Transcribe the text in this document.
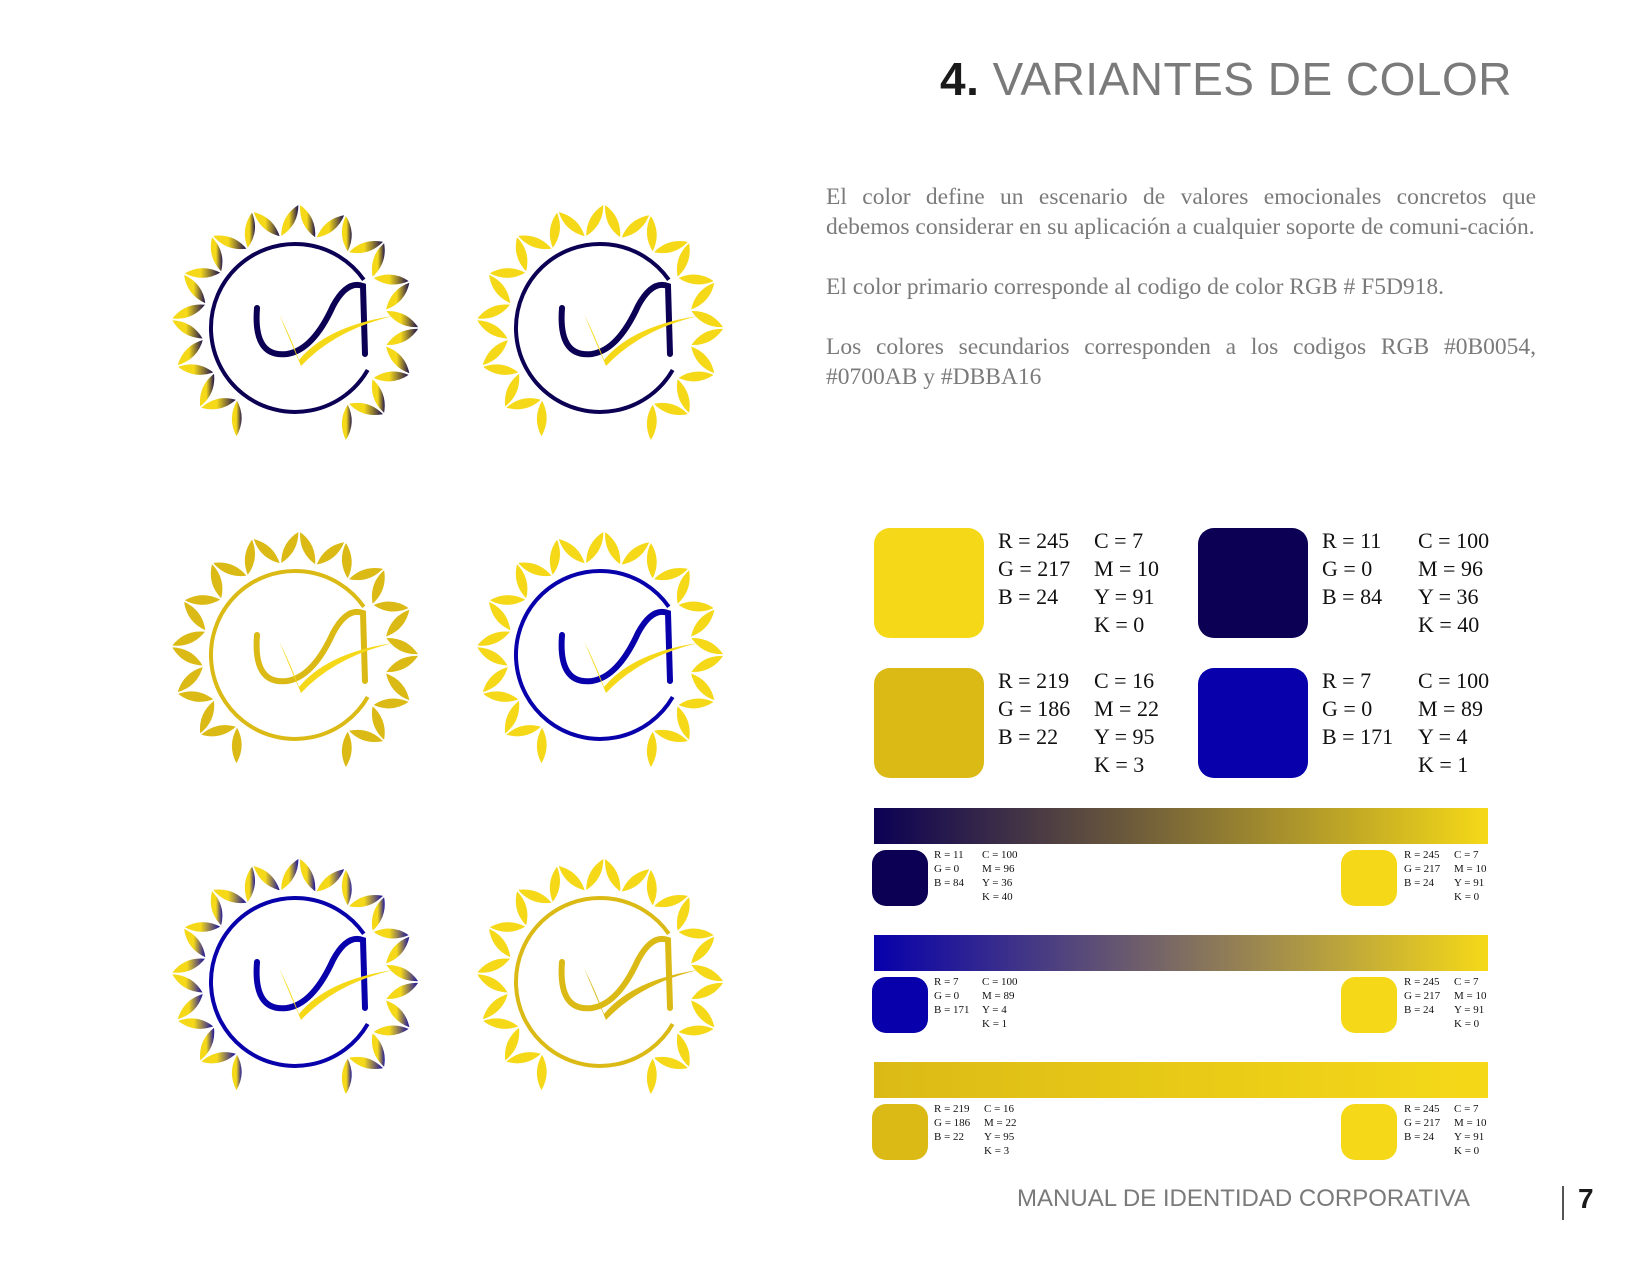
4. VARIANTES DE COLOR

El color define un escenario de valores emocionales concretos que debemos considerar en su aplicación a cualquier soporte de comuni-cación.

El color primario corresponde al codigo de color RGB # F5D918.

Los colores secundarios corresponden a los codigos RGB #0B0054, #0700AB y #DBBA16

R = 245
G = 217
B = 24
C = 7
M = 10
Y = 91
K = 0
R = 11
G = 0
B = 84
C = 100
M = 96
Y = 36
K = 40
R = 219
G = 186
B = 22
C = 16
M = 22
Y = 95
K = 3
R = 7
G = 0
B = 171
C = 100
M = 89
Y = 4
K = 1
R = 11
G = 0
B = 84
C = 100
M = 96
Y = 36
K = 40
R = 245
G = 217
B = 24
C = 7
M = 10
Y = 91
K = 0
R = 7
G = 0
B = 171
C = 100
M = 89
Y = 4
K = 1
R = 245
G = 217
B = 24
C = 7
M = 10
Y = 91
K = 0
R = 219
G = 186
B = 22
C = 16
M = 22
Y = 95
K = 3
R = 245
G = 217
B = 24
C = 7
M = 10
Y = 91
K = 0
MANUAL DE IDENTIDAD CORPORATIVA	7
